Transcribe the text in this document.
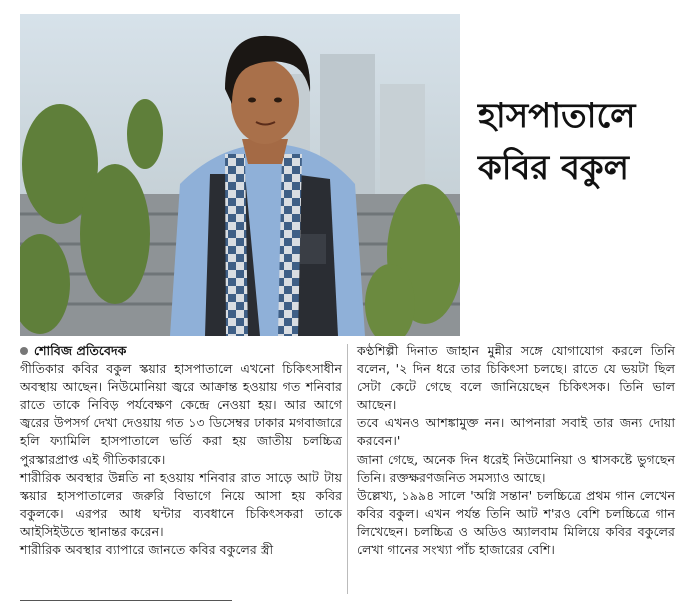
হাসপাতালে
কবির বকুল

শোবিজ প্রতিবেদক

গীতিকার কবির বকুল স্কয়ার হাসপাতালে এখনো চিকিৎসাধীন অবস্থায় আছেন। নিউমোনিয়া জ্বরে আক্রান্ত হওয়ায় গত শনিবার রাতে তাকে নিবিড় পর্যবেক্ষণ কেন্দ্রে নেওয়া হয়। আর আগে জ্বরের উপসর্গ দেখা দেওয়ায় গত ১৩ ডিসেম্বর ঢাকার মগবাজারে হলি ফ্যামিলি হাসপাতালে ভর্তি করা হয় জাতীয় চলচ্চিত্র পুরস্কারপ্রাপ্ত এই গীতিকারকে।

শারীরিক অবস্থার উন্নতি না হওয়ায় শনিবার রাত সাড়ে আট টায় স্কয়ার হাসপাতালের জরুরি বিভাগে নিয়ে আসা হয় কবির বকুলকে। এরপর আধ ঘন্টার ব্যবধানে চিকিৎসকরা তাকে আইসিইউতে স্থানান্তর করেন।

শারীরিক অবস্থার ব্যাপারে জানতে কবির বকুলের স্ত্রী

কণ্ঠশিল্পী দিনাত জাহান মুন্নীর সঙ্গে যোগাযোগ করলে তিনি বলেন, '২ দিন ধরে তার চিকিৎসা চলছে। রাতে যে ভয়টা ছিল সেটা কেটে গেছে বলে জানিয়েছেন চিকিৎসক। তিনি ভাল আছেন।

তবে এখনও আশঙ্কামুক্ত নন। আপনারা সবাই তার জন্য দোয়া করবেন।'

জানা গেছে, অনেক দিন ধরেই নিউমোনিয়া ও শ্বাসকষ্টে ভুগছেন তিনি। রক্তক্ষরণজনিত সমস্যাও আছে।

উল্লেখ্য, ১৯৯৪ সালে 'অগ্নি সন্তান' চলচ্চিত্রে প্রথম গান লেখেন কবির বকুল। এখন পর্যন্ত তিনি আট শ'রও বেশি চলচ্চিত্রে গান লিখেছেন। চলচ্চিত্র ও অডিও অ্যালবাম মিলিয়ে কবির বকুলের লেখা গানের সংখ্যা পাঁচ হাজারের বেশি।
